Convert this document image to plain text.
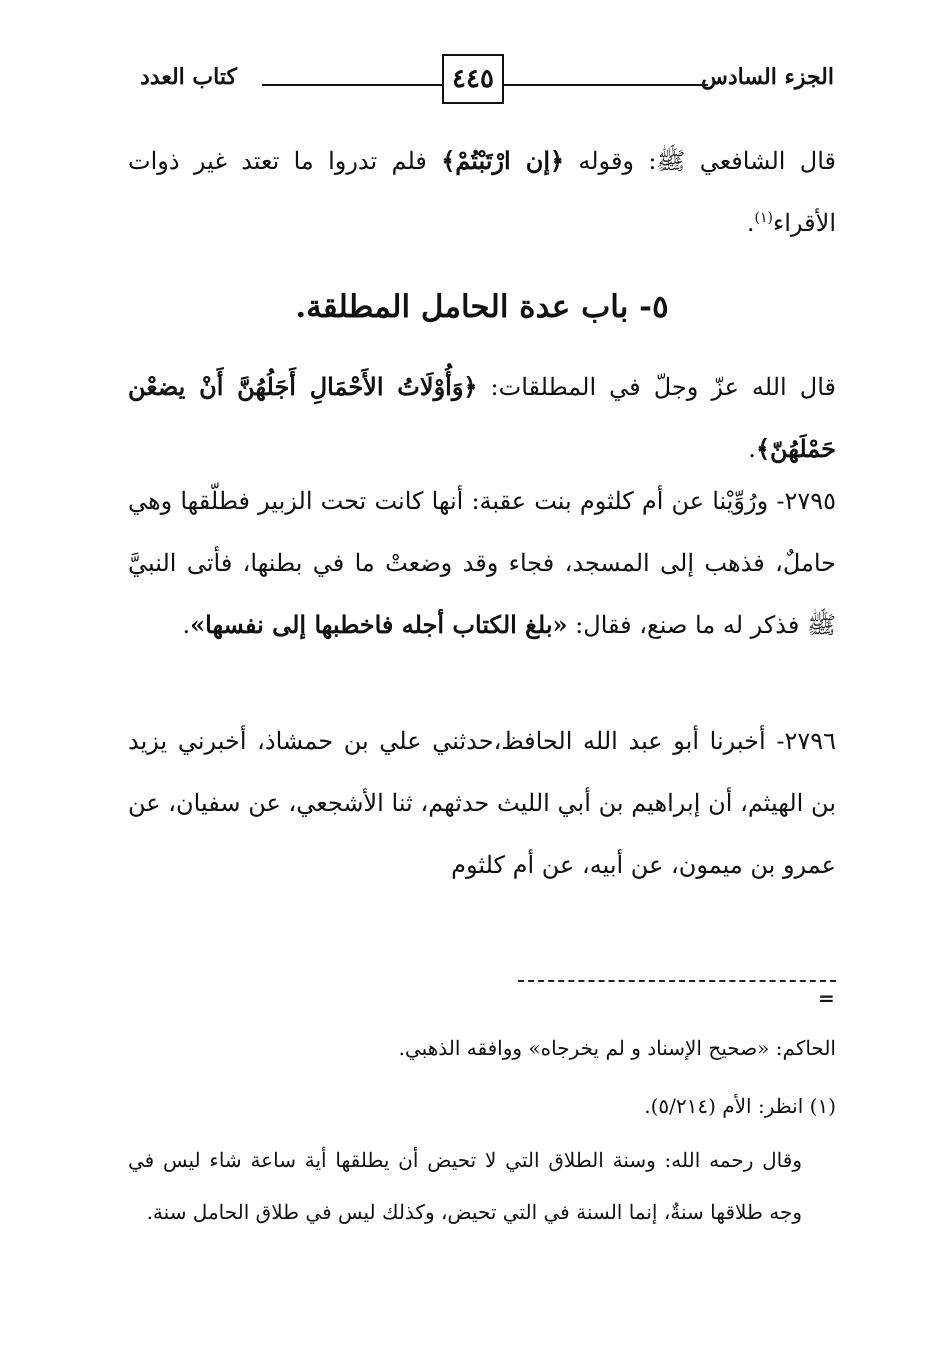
الجزء السادس
٤٤٥
كتاب العدد

قال الشافعي ﷺ: وقوله ﴿إن ارْتَبْتُمْ﴾ فلم تدروا ما تعتد غير ذوات الأقراء$^{(١)}$.

٥- باب عدة الحامل المطلقة.

قال الله عزّ وجلّ في المطلقات: ﴿وَأُوْلَاتُ الأَحْمَالِ أَجَلُهُنَّ أَنْ يضعْن حَمْلَهُنّ﴾.

٢٧٩٥- ورُوِّيْنا عن أم كلثوم بنت عقبة: أنها كانت تحت الزبير فطلّقها وهي حاملٌ، فذهب إلى المسجد، فجاء وقد وضعتْ ما في بطنها، فأتى النبيَّ ﷺ فذكر له ما صنع، فقال: «بلغ الكتاب أجله فاخطبها إلى نفسها».

٢٧٩٦- أخبرنا أبو عبد الله الحافظ،حدثني علي بن حمشاذ، أخبرني يزيد بن الهيثم، أن إبراهيم بن أبي الليث حدثهم، ثنا الأشجعي، عن سفيان، عن عمرو بن ميمون، عن أبيه، عن أم كلثوم

=

الحاكم: «صحيح الإسناد و لم يخرجاه» ووافقه الذهبي.

(١) انظر: الأم (٥/٢١٤).

وقال رحمه الله: وسنة الطلاق التي لا تحيض أن يطلقها أية ساعة شاء ليس في وجه طلاقها سنةٌ، إنما السنة في التي تحيض، وكذلك ليس في طلاق الحامل سنة.
